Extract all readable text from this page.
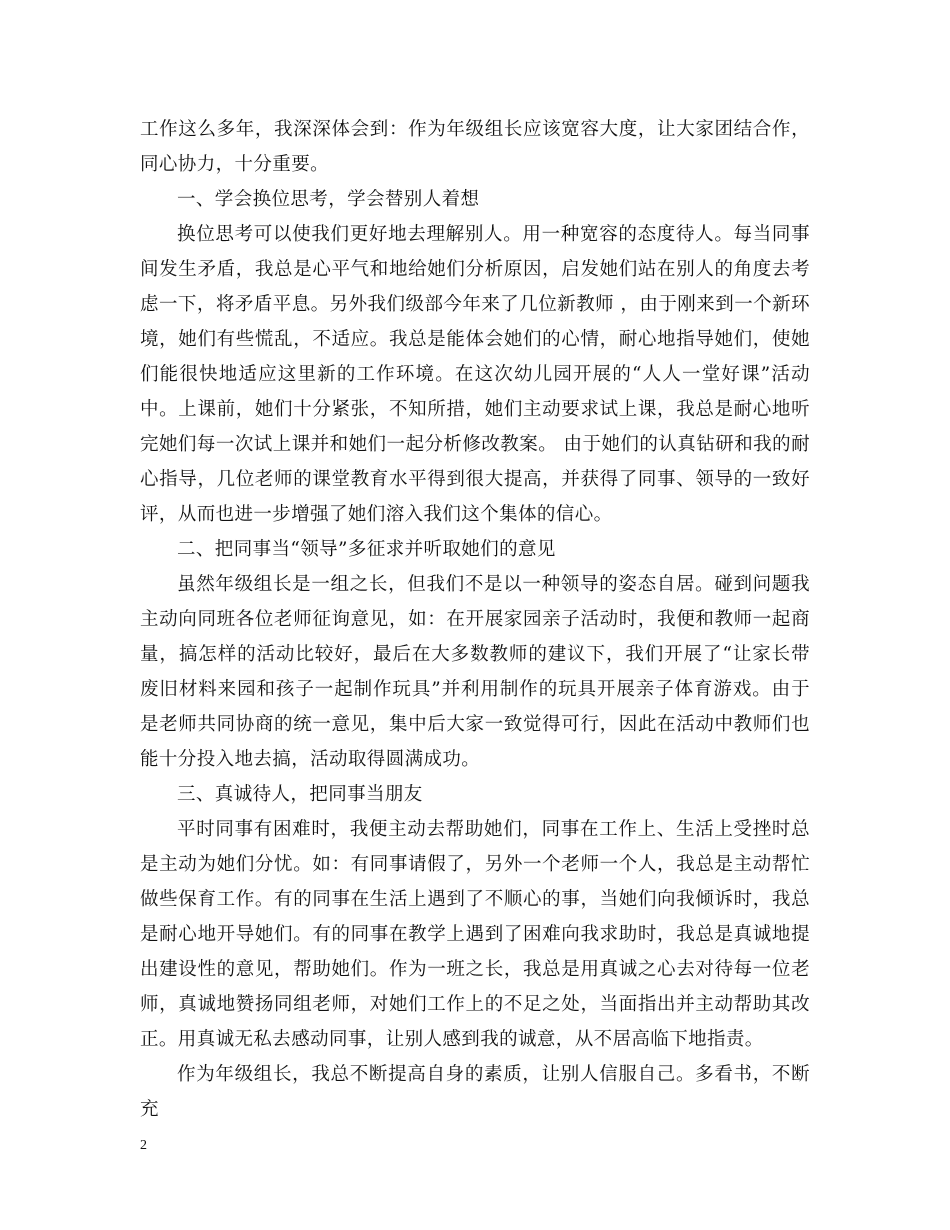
工作这么多年，我深深体会到：作为年级组长应该宽容大度，让大家团结合作，同心协力，十分重要。

一、学会换位思考，学会替别人着想

换位思考可以使我们更好地去理解别人。用一种宽容的态度待人。每当同事间发生矛盾，我总是心平气和地给她们分析原因，启发她们站在别人的角度去考虑一下，将矛盾平息。另外我们级部今年来了几位新教师 ，由于刚来到一个新环境，她们有些慌乱，不适应。我总是能体会她们的心情，耐心地指导她们，使她们能很快地适应这里新的工作环境。在这次幼儿园开展的“人人一堂好课”活动中。上课前，她们十分紧张，不知所措，她们主动要求试上课，我总是耐心地听完她们每一次试上课并和她们一起分析修改教案。 由于她们的认真钻研和我的耐心指导，几位老师的课堂教育水平得到很大提高，并获得了同事、领导的一致好评，从而也进一步增强了她们溶入我们这个集体的信心。

二、把同事当“领导”多征求并听取她们的意见

虽然年级组长是一组之长，但我们不是以一种领导的姿态自居。碰到问题我主动向同班各位老师征询意见，如：在开展家园亲子活动时，我便和教师一起商量，搞怎样的活动比较好，最后在大多数教师的建议下，我们开展了“让家长带废旧材料来园和孩子一起制作玩具”并利用制作的玩具开展亲子体育游戏。由于是老师共同协商的统一意见，集中后大家一致觉得可行，因此在活动中教师们也能十分投入地去搞，活动取得圆满成功。

三、真诚待人，把同事当朋友

平时同事有困难时，我便主动去帮助她们，同事在工作上、生活上受挫时总是主动为她们分忧。如：有同事请假了，另外一个老师一个人，我总是主动帮忙做些保育工作。有的同事在生活上遇到了不顺心的事，当她们向我倾诉时，我总是耐心地开导她们。有的同事在教学上遇到了困难向我求助时，我总是真诚地提出建设性的意见，帮助她们。作为一班之长，我总是用真诚之心去对待每一位老师，真诚地赞扬同组老师，对她们工作上的不足之处，当面指出并主动帮助其改正。用真诚无私去感动同事，让别人感到我的诚意，从不居高临下地指责。

作为年级组长，我总不断提高自身的素质，让别人信服自己。多看书，不断充

2
